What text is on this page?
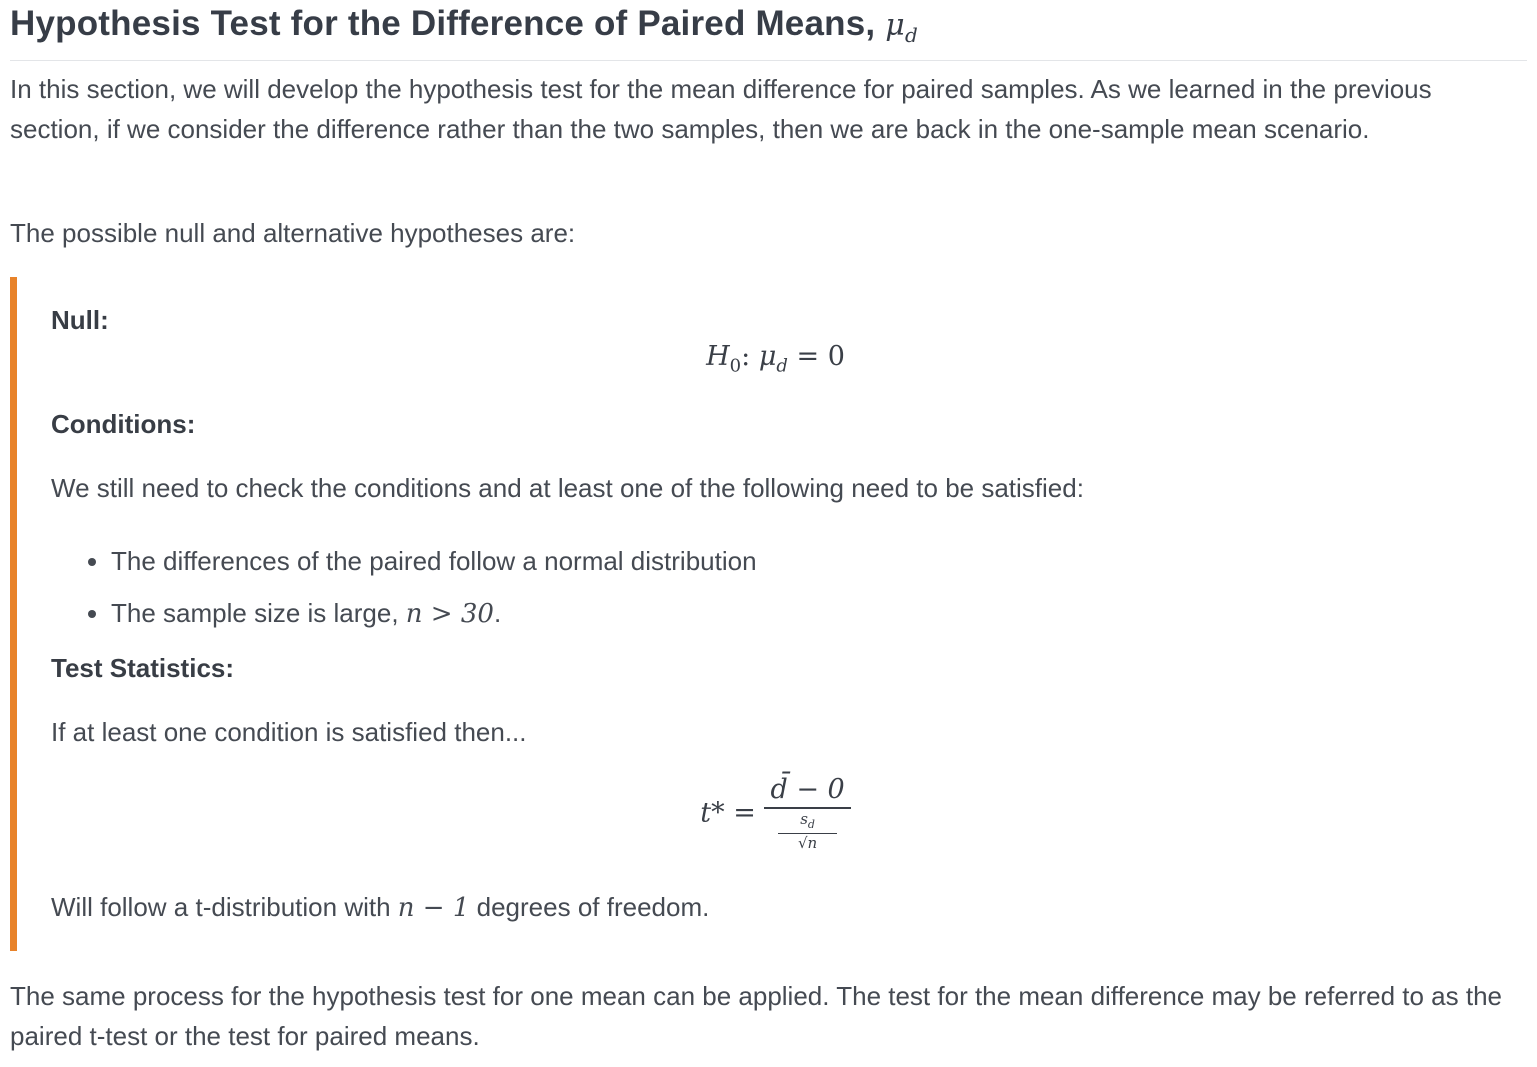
Hypothesis Test for the Difference of Paired Means, $\mu_d$

In this section, we will develop the hypothesis test for the mean difference for paired samples. As we learned in the previous section, if we consider the difference rather than the two samples, then we are back in the one-sample mean scenario.

The possible null and alternative hypotheses are:

Null:

$H_0$: $\mu_d = 0$

Conditions:

We still need to check the conditions and at least one of the following need to be satisfied:

• The differences of the paired follow a normal distribution
• The sample size is large, n > 30.

Test Statistics:

If at least one condition is satisfied then...

t* = d̄ − 0
$s_d$
√n

Will follow a t-distribution with n − 1 degrees of freedom.

The same process for the hypothesis test for one mean can be applied. The test for the mean difference may be referred to as the paired t-test or the test for paired means.
